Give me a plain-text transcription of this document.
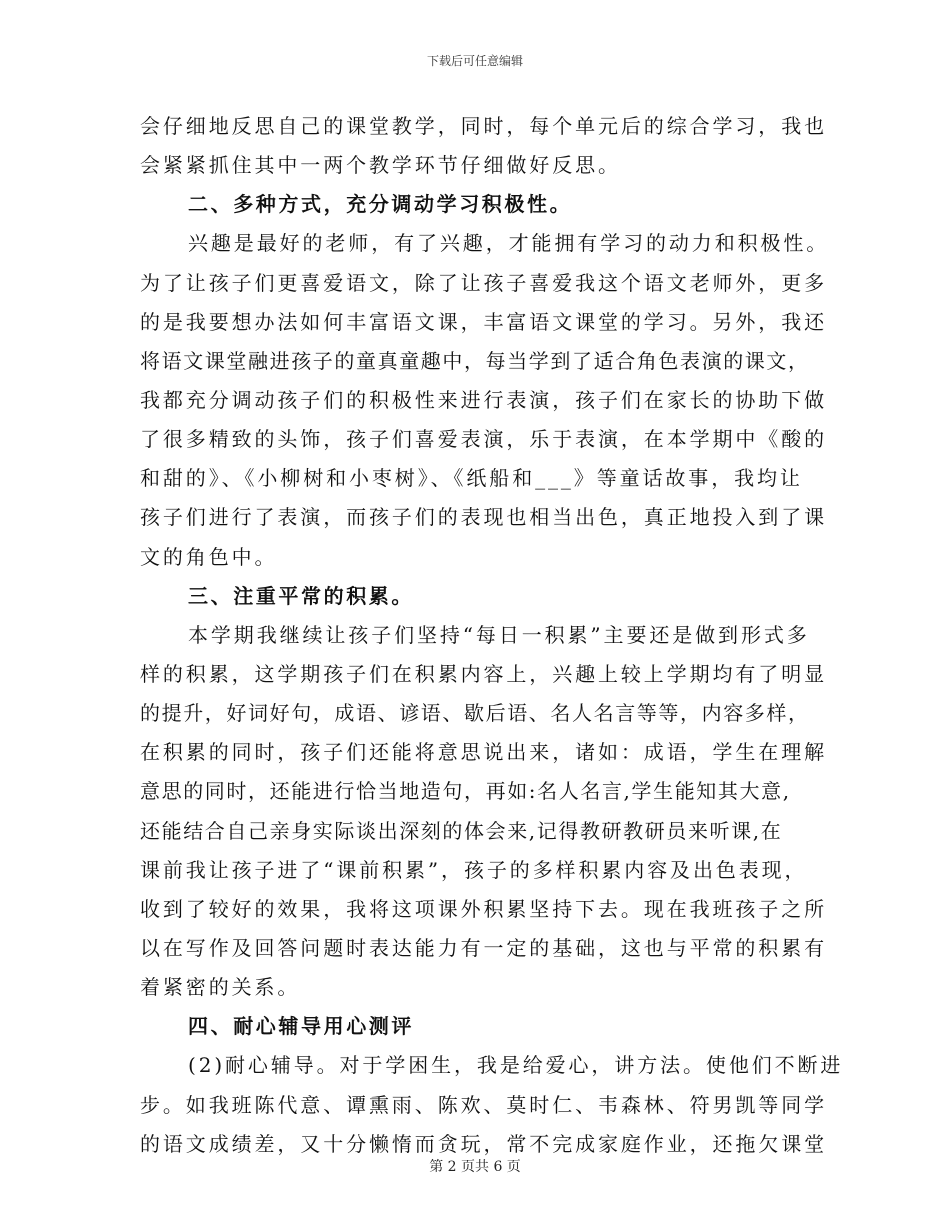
下载后可任意编辑
会仔细地反思自己的课堂教学，同时，每个单元后的综合学习，我也
会紧紧抓住其中一两个教学环节仔细做好反思。
二、多种方式，充分调动学习积极性。
兴趣是最好的老师，有了兴趣，才能拥有学习的动力和积极性。
为了让孩子们更喜爱语文，除了让孩子喜爱我这个语文老师外，更多
的是我要想办法如何丰富语文课，丰富语文课堂的学习。另外，我还
将语文课堂融进孩子的童真童趣中，每当学到了适合角色表演的课文，
我都充分调动孩子们的积极性来进行表演，孩子们在家长的协助下做
了很多精致的头饰，孩子们喜爱表演，乐于表演，在本学期中《酸的
和甜的》、《小柳树和小枣树》、《纸船和___》等童话故事，我均让
孩子们进行了表演，而孩子们的表现也相当出色，真正地投入到了课
文的角色中。
三、注重平常的积累。
本学期我继续让孩子们坚持“每日一积累”主要还是做到形式多
样的积累，这学期孩子们在积累内容上，兴趣上较上学期均有了明显
的提升，好词好句，成语、谚语、歇后语、名人名言等等，内容多样，
在积累的同时，孩子们还能将意思说出来，诸如：成语，学生在理解
意思的同时，还能进行恰当地造句，再如:名人名言,学生能知其大意,
还能结合自己亲身实际谈出深刻的体会来,记得教研教研员来听课,在
课前我让孩子进了“课前积累”，孩子的多样积累内容及出色表现，
收到了较好的效果，我将这项课外积累坚持下去。现在我班孩子之所
以在写作及回答问题时表达能力有一定的基础，这也与平常的积累有
着紧密的关系。
四、耐心辅导用心测评
(2)耐心辅导。对于学困生，我是给爱心，讲方法。使他们不断进
步。如我班陈代意、谭熏雨、陈欢、莫时仁、韦森林、符男凯等同学
的语文成绩差，又十分懒惰而贪玩，常不完成家庭作业，还拖欠课堂
第 2 页共 6 页
